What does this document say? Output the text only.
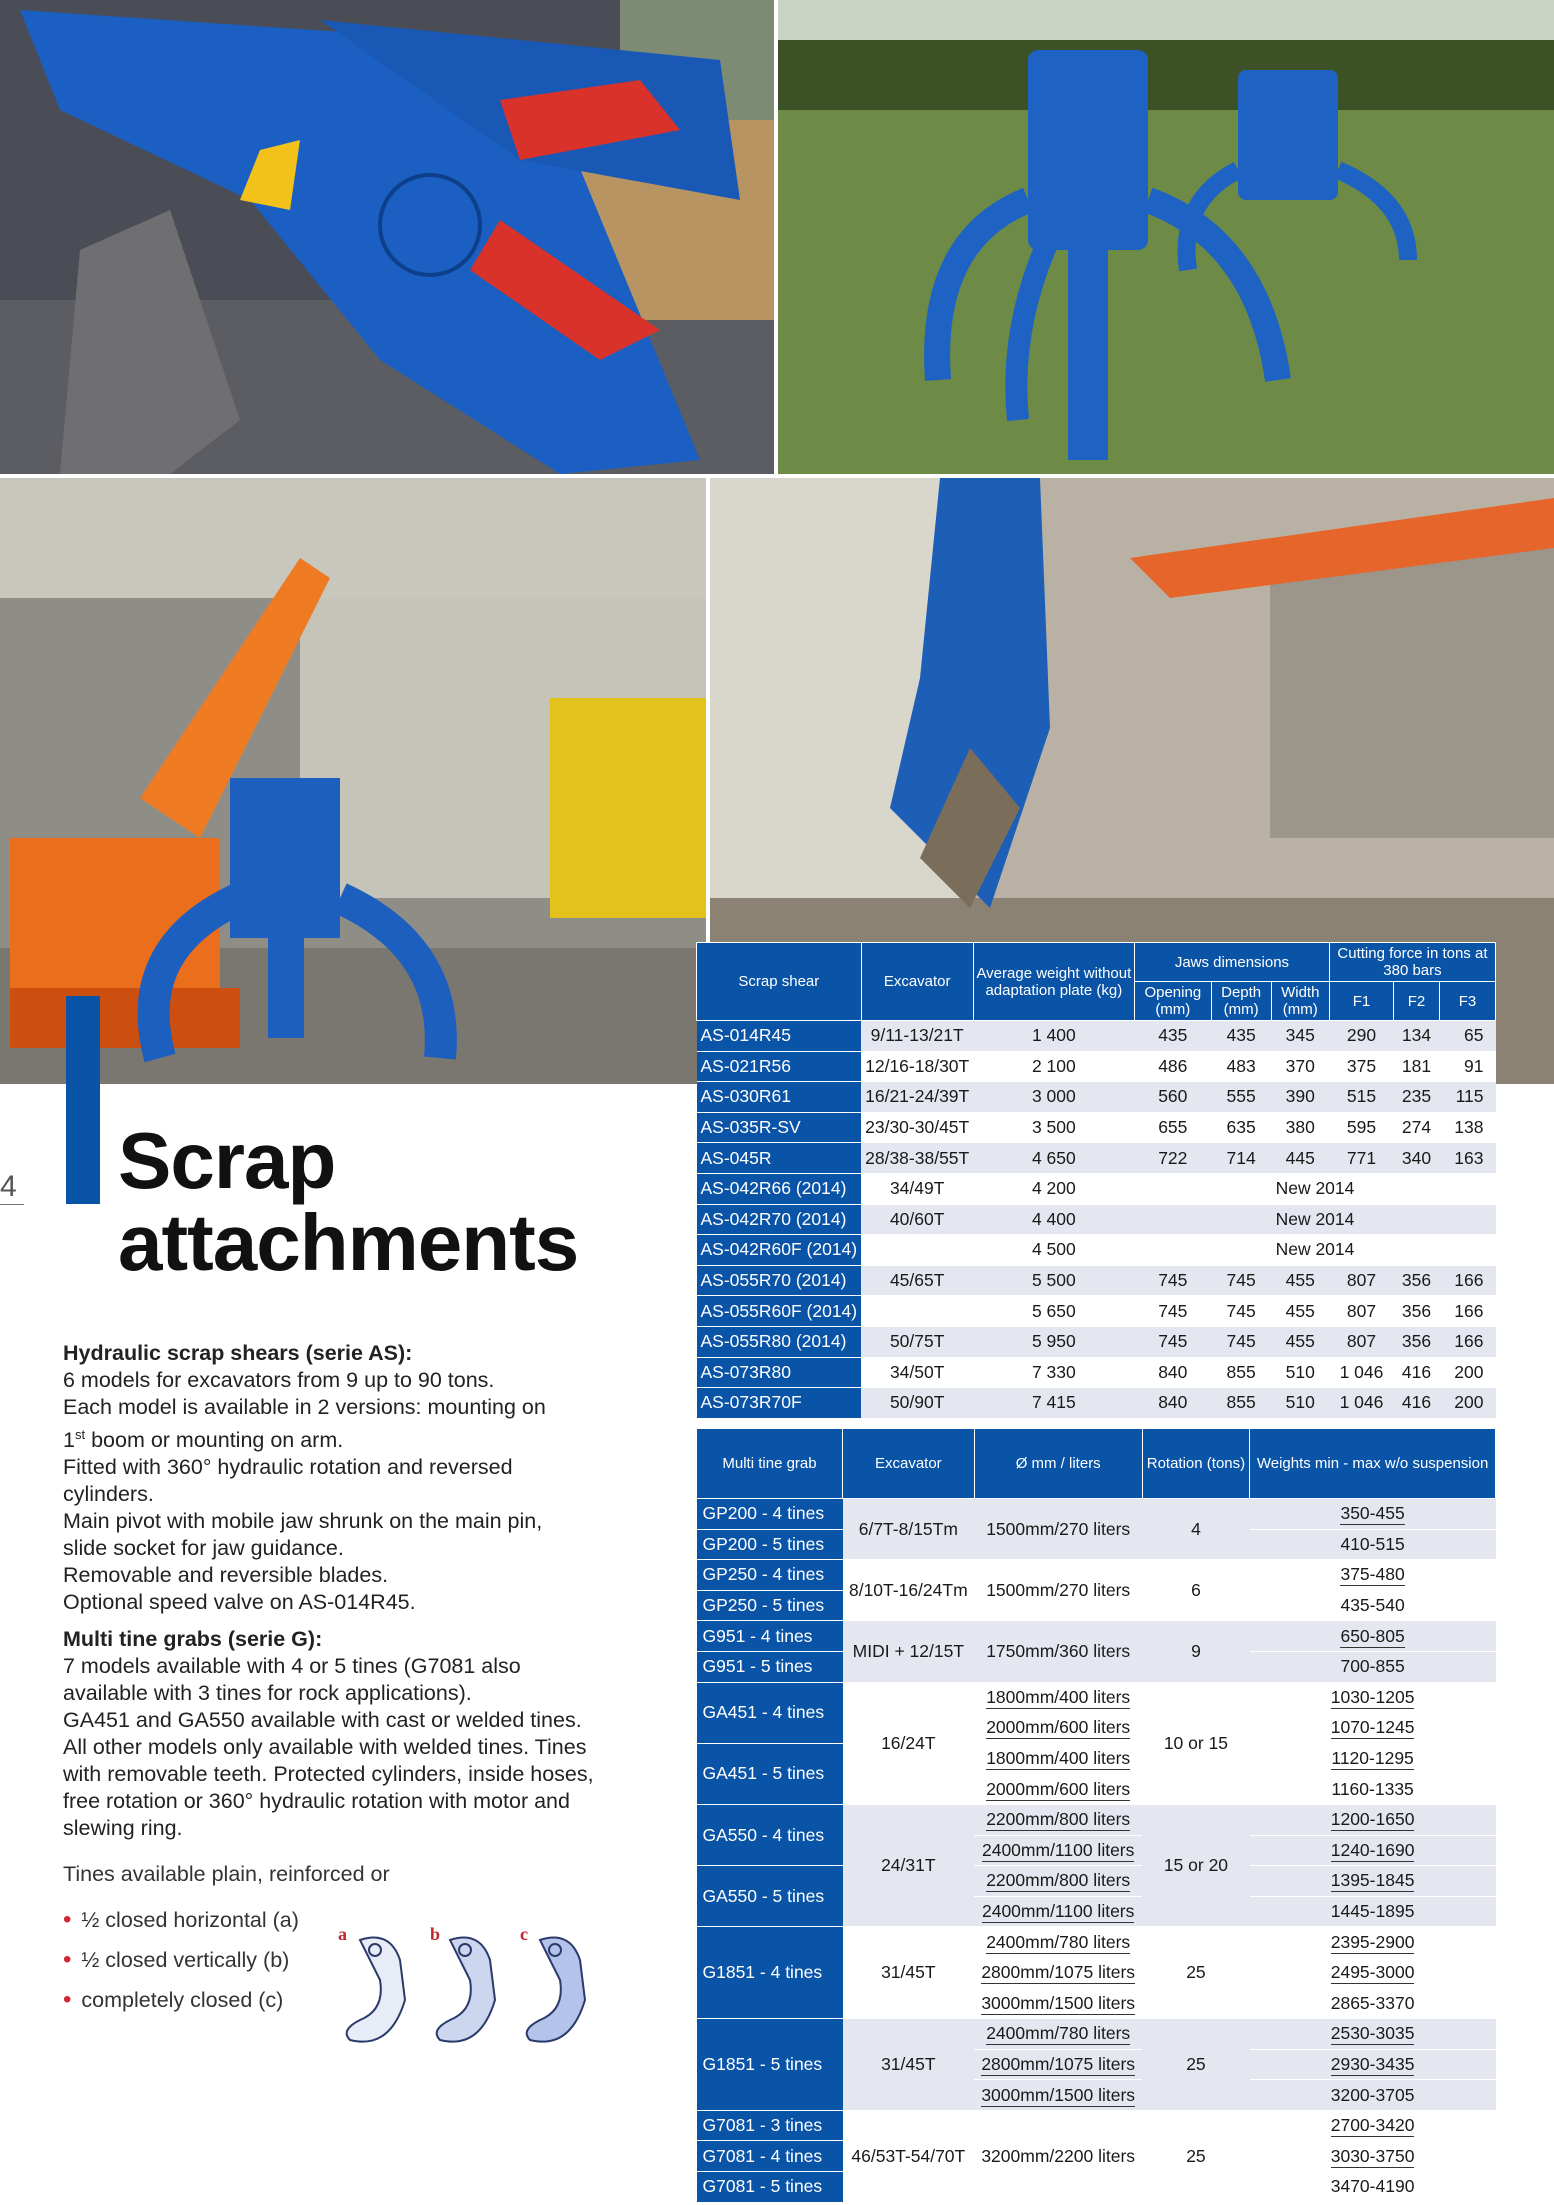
4 Scrap
attachments

Hydraulic scrap shears (serie AS):

6 models for excavators from 9 up to 90 tons.

Each model is available in 2 versions: mounting on

1st boom or mounting on arm.

Fitted with 360° hydraulic rotation and reversed

cylinders.

Main pivot with mobile jaw shrunk on the main pin,

slide socket for jaw guidance.

Removable and reversible blades.

Optional speed valve on AS-014R45.

Multi tine grabs (serie G):

7 models available with 4 or 5 tines (G7081 also

available with 3 tines for rock applications).

GA451 and GA550 available with cast or welded tines.

All other models only available with welded tines. Tines

with removable teeth. Protected cylinders, inside hoses,

free rotation or 360° hydraulic rotation with motor and

slewing ring.

Tines available plain, reinforced or
• ½ closed horizontal (a)
• ½ closed vertically (b)
• completely closed (c)
a	b	c
Scrap shear	Excavator	Average weight without adaptation plate (kg)	Jaws dimensions			Cutting force in tons at 380 bars		
			Opening (mm)	Depth (mm)	Width (mm)	F1	F2	F3
AS-014R45	9/11-13/21T	1 400	435	435	345	290	134	65
AS-021R56	12/16-18/30T	2 100	486	483	370	375	181	91
AS-030R61	16/21-24/39T	3 000	560	555	390	515	235	115
AS-035R-SV	23/30-30/45T	3 500	655	635	380	595	274	138
AS-045R	28/38-38/55T	4 650	722	714	445	771	340	163
AS-042R66 (2014)	34/49T	4 200	New 2014					
AS-042R70 (2014)	40/60T	4 400	New 2014					
AS-042R60F (2014)		4 500	New 2014					
AS-055R70 (2014)	45/65T	5 500	745	745	455	807	356	166
AS-055R60F (2014)		5 650	745	745	455	807	356	166
AS-055R80 (2014)	50/75T	5 950	745	745	455	807	356	166
AS-073R80	34/50T	7 330	840	855	510	1 046	416	200
AS-073R70F	50/90T	7 415	840	855	510	1 046	416	200
Multi tine grab	Excavator	Ø mm / liters	Rotation (tons)	Weights min - max w/o suspension
GP200 - 4 tines	6/7T-8/15Tm	1500mm/270 liters	4	350-455
GP200 - 5 tines				410-515
GP250 - 4 tines	8/10T-16/24Tm	1500mm/270 liters	6	375-480
GP250 - 5 tines				435-540
G951 - 4 tines	MIDI + 12/15T	1750mm/360 liters	9	650-805
G951 - 5 tines				700-855
GA451 - 4 tines	16/24T	1800mm/400 liters	10 or 15	1030-1205
		2000mm/600 liters		1070-1245
GA451 - 5 tines		1800mm/400 liters		1120-1295
		2000mm/600 liters		1160-1335
GA550 - 4 tines	24/31T	2200mm/800 liters	15 or 20	1200-1650
		2400mm/1100 liters		1240-1690
GA550 - 5 tines		2200mm/800 liters		1395-1845
		2400mm/1100 liters		1445-1895
G1851 - 4 tines	31/45T	2400mm/780 liters	25	2395-2900
		2800mm/1075 liters		2495-3000
		3000mm/1500 liters		2865-3370
G1851 - 5 tines	31/45T	2400mm/780 liters	25	2530-3035
		2800mm/1075 liters		2930-3435
		3000mm/1500 liters		3200-3705
G7081 - 3 tines	46/53T-54/70T	3200mm/2200 liters	25	2700-3420
G7081 - 4 tines				3030-3750
G7081 - 5 tines				3470-4190
